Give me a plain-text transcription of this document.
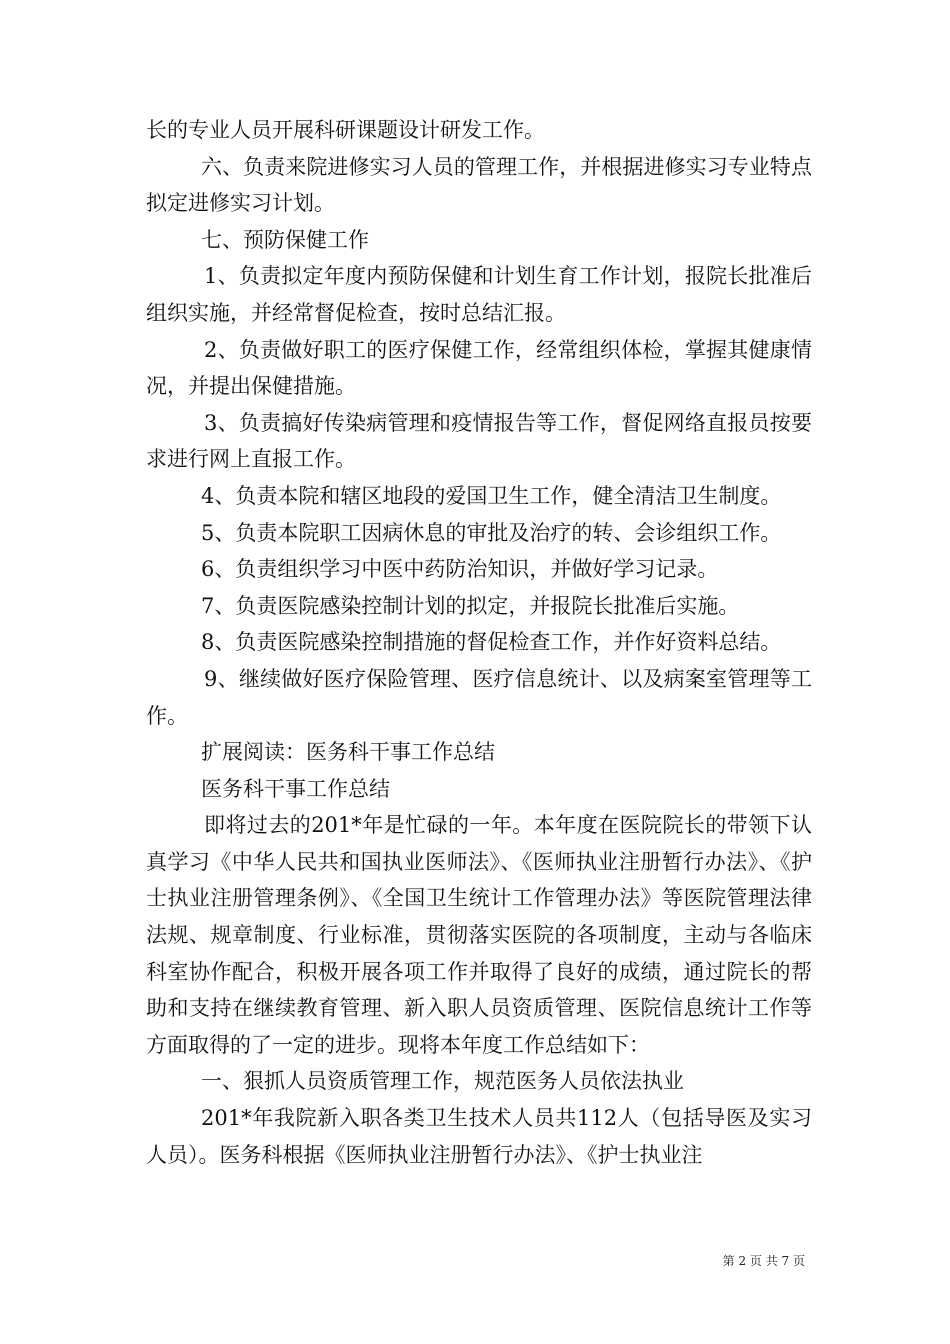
长的专业人员开展科研课题设计研发工作。

六、负责来院进修实习人员的管理工作，并根据进修实习专业特点拟定进修实习计划。

七、预防保健工作

1、负责拟定年度内预防保健和计划生育工作计划，报院长批准后组织实施，并经常督促检查，按时总结汇报。

2、负责做好职工的医疗保健工作，经常组织体检，掌握其健康情况，并提出保健措施。

3、负责搞好传染病管理和疫情报告等工作，督促网络直报员按要求进行网上直报工作。

4、负责本院和辖区地段的爱国卫生工作，健全清洁卫生制度。

5、负责本院职工因病休息的审批及治疗的转、会诊组织工作。

6、负责组织学习中医中药防治知识，并做好学习记录。

7、负责医院感染控制计划的拟定，并报院长批准后实施。

8、负责医院感染控制措施的督促检查工作，并作好资料总结。

9、继续做好医疗保险管理、医疗信息统计、以及病案室管理等工作。

扩展阅读：医务科干事工作总结

医务科干事工作总结

即将过去的201*年是忙碌的一年。本年度在医院院长的带领下认真学习《中华人民共和国执业医师法》、《医师执业注册暂行办法》、《护士执业注册管理条例》、《全国卫生统计工作管理办法》等医院管理法律法规、规章制度、行业标准，贯彻落实医院的各项制度，主动与各临床科室协作配合，积极开展各项工作并取得了良好的成绩，通过院长的帮助和支持在继续教育管理、新入职人员资质管理、医院信息统计工作等方面取得的了一定的进步。现将本年度工作总结如下：

一、狠抓人员资质管理工作，规范医务人员依法执业

201*年我院新入职各类卫生技术人员共112人（包括导医及实习人员）。医务科根据《医师执业注册暂行办法》、《护士执业注

第 2 页 共 7 页
